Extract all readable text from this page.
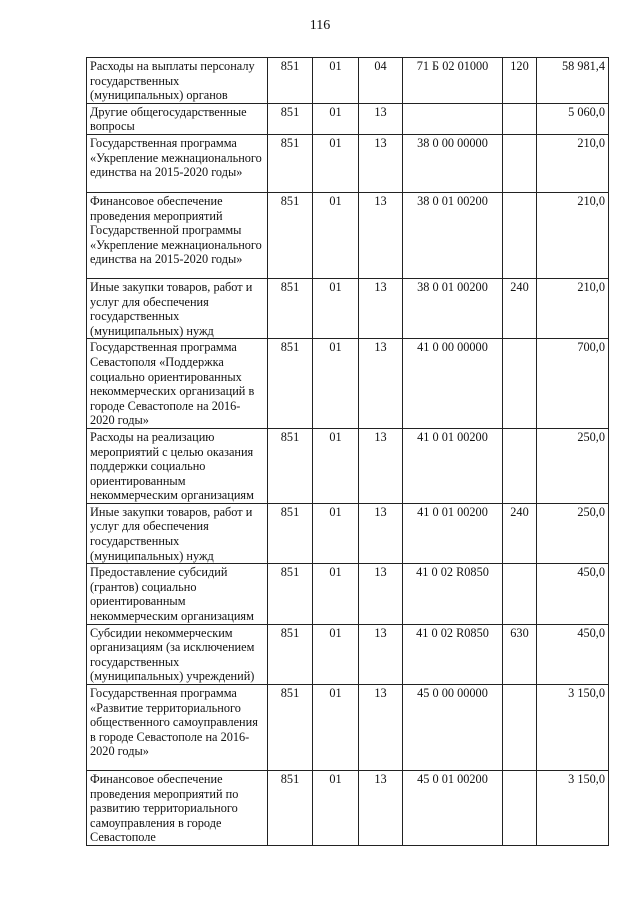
116
Расходы на выплаты персоналу государственных (муниципальных) органов	851	01	04	71 Б 02 01000	120	58 981,4
Другие общегосударственные вопросы	851	01	13			5 060,0
Государственная программа «Укрепление межнационального единства на 2015-2020 годы»	851	01	13	38 0 00 00000		210,0
Финансовое обеспечение проведения мероприятий Государственной программы «Укрепление межнационального единства на 2015-2020 годы»	851	01	13	38 0 01 00200		210,0
Иные закупки товаров, работ и услуг для обеспечения государственных (муниципальных) нужд	851	01	13	38 0 01 00200	240	210,0
Государственная программа Севастополя «Поддержка социально ориентированных некоммерческих организаций в городе Севастополе на 2016-2020 годы»	851	01	13	41 0 00 00000		700,0
Расходы на реализацию мероприятий с целью оказания поддержки социально ориентированным некоммерческим организациям	851	01	13	41 0 01 00200		250,0
Иные закупки товаров, работ и услуг для обеспечения государственных (муниципальных) нужд	851	01	13	41 0 01 00200	240	250,0
Предоставление субсидий (грантов) социально ориентированным некоммерческим организациям	851	01	13	41 0 02 R0850		450,0
Субсидии некоммерческим организациям (за исключением государственных (муниципальных) учреждений)	851	01	13	41 0 02 R0850	630	450,0
Государственная программа «Развитие территориального общественного самоуправления в городе Севастополе на 2016-2020 годы»	851	01	13	45 0 00 00000		3 150,0
Финансовое обеспечение проведения мероприятий по развитию территориального самоуправления в городе Севастополе	851	01	13	45 0 01 00200		3 150,0
